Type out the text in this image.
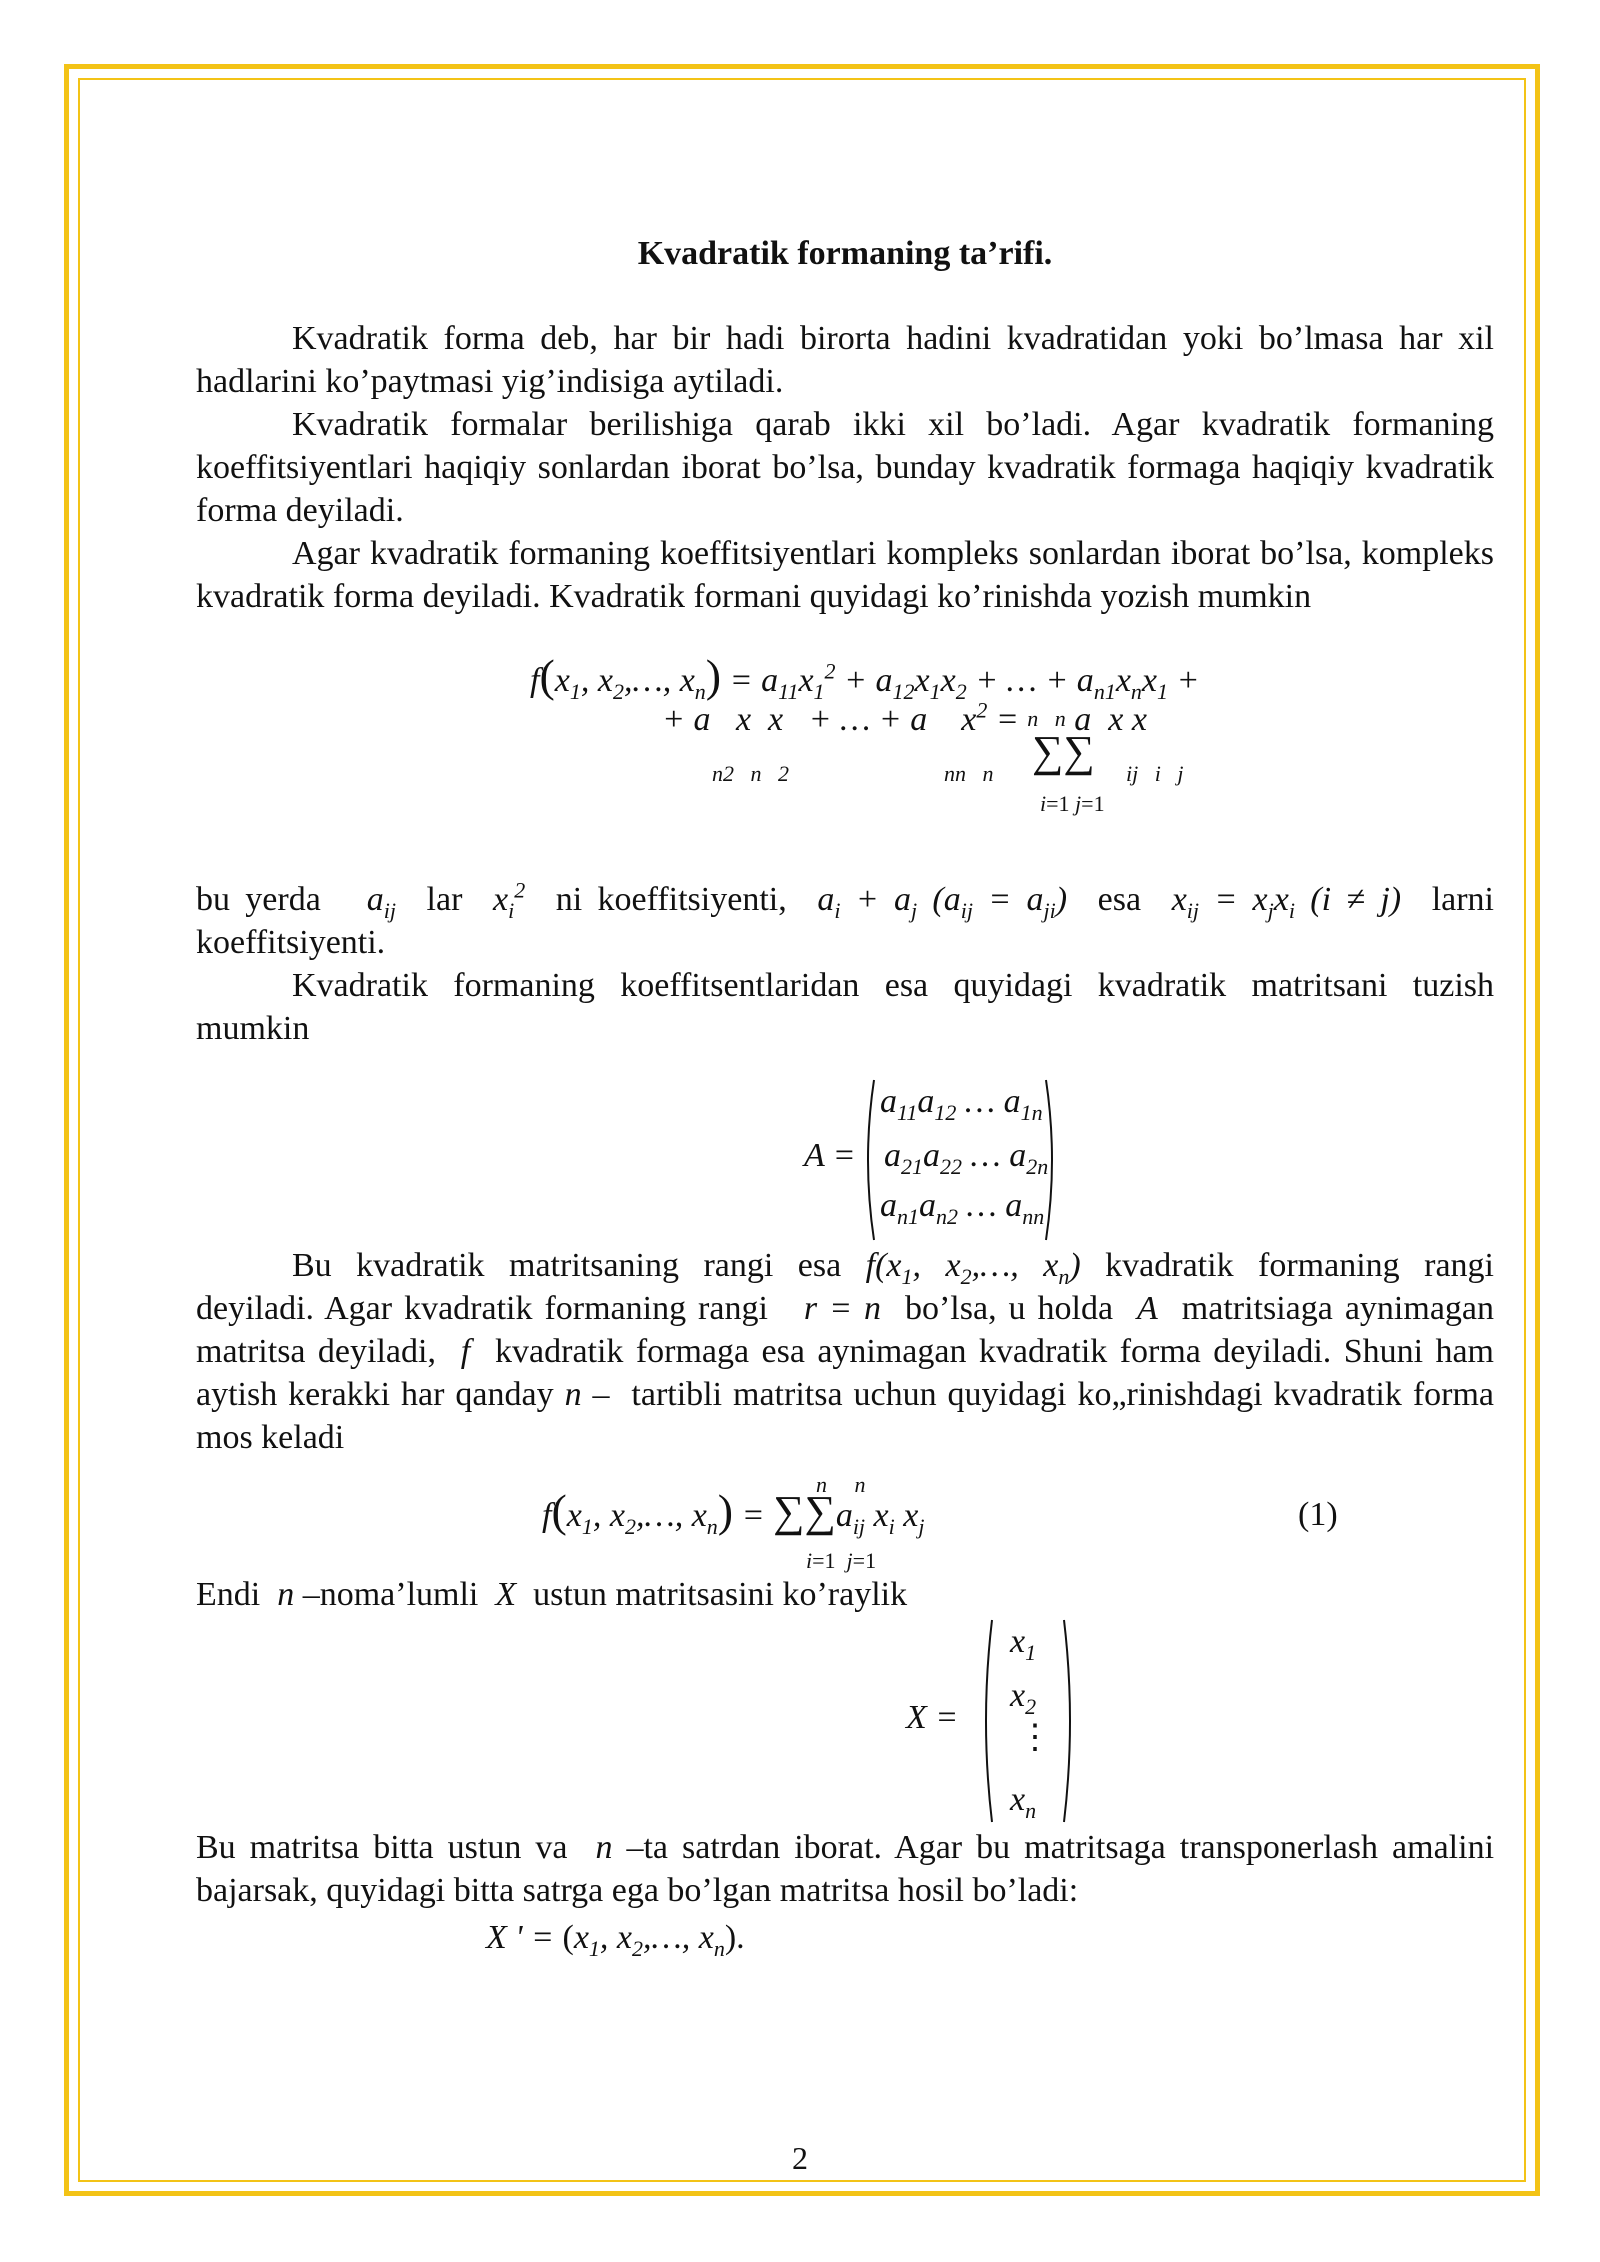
Kvadratik formaning ta’rifi.

Kvadratik forma deb, har bir hadi birorta hadini kvadratidan yoki bo’lmasa har xil hadlarini ko’paytmasi yig’indisiga aytiladi.

Kvadratik formalar berilishiga qarab ikki xil bo’ladi. Agar kvadratik formaning koeffitsiyentlari haqiqiy sonlardan iborat bo’lsa, bunday kvadratik formaga haqiqiy kvadratik forma deyiladi.

Agar kvadratik formaning koeffitsiyentlari kompleks sonlardan iborat bo’lsa, kompleks kvadratik forma deyiladi. Kvadratik formani quyidagi ko’rinishda yozish mumkin

$f(x_1$, $x_2,\dots$, $x_n) = a_{11}x_1^2 + a_{12}x_1x_2$ + … + $a_{n1}x_nx_1$ +
+ a   x  x   + … + a    $x^2 = n$   n a  x x
n2   n   2	nn   n ∑∑ ij   i   j
i=1 j=1

bu yerda $a_{ij}$ lar $x_i^2$ ni koeffitsiyenti, $a_i + a_j$ $(a_{ij} = a_{ji})$ esa $x_{ij} = x_jx_i$ (i ≠ j) larni

koeffitsiyenti.

Kvadratik formaning koeffitsentlaridan esa quyidagi kvadratik matritsani tuzish mumkin

A =
$a_{11}a_{12}$ … $a_{1n}$
$a_{21}a_{22}$ … $a_{2n}$
$a_{n1}a_{n2}$ … $a_{nn}$

Bu kvadratik matritsaning rangi esa $f(x_1$, $x_2,\dots$, $x_n$) kvadratik formaning rangi

deyiladi. Agar kvadratik formaning rangi r = n bo’lsa, u holda A matritsiaga aynimagan matritsa deyiladi, f kvadratik formaga esa aynimagan kvadratik forma deyiladi. Shuni ham aytish kerakki har qanday n – tartibli matritsa uchun quyidagi ko„rinishdagi kvadratik forma mos keladi

n     n
$f(x_1$, $x_2,\dots$, $x_n) = \sum\sum a_{ij}$ $x_i$ $x_j$
i=1  j=1
(1)

Endi n –noma’lumli X ustun matritsasini ko’raylik

X =
$x_1$
$x_2$
⋮
$x_n$

Bu matritsa bitta ustun va n –ta satrdan iborat. Agar bu matritsaga transponerlash amalini bajarsak, quyidagi bitta satrga ega bo’lgan matritsa hosil bo’ladi:

X ' = ($x_1$, $x_2,\dots$, $x_n$).
2
